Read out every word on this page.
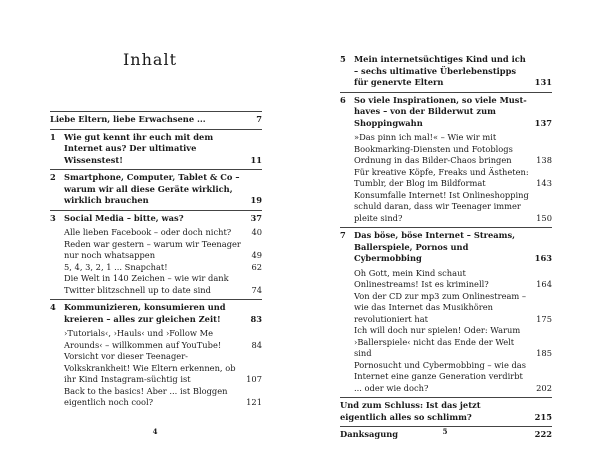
Inhalt
Liebe Eltern, liebe Erwachsene ...	7
1 Wie gut kennt ihr euch mit dem Internet aus? Der ultimative Wissenstest!	11
2 Smartphone, Computer, Tablet & Co – warum wir all diese Geräte wirklich, wirklich brauchen	19
3 Social Media – bitte, was?	37
Alle lieben Facebook – oder doch nicht?	40
Reden war gestern – warum wir Teenager nur noch whatsappen	49
5, 4, 3, 2, 1 ... Snapchat!	62
Die Welt in 140 Zeichen – wie wir dank Twitter blitzschnell up to date sind	74
4 Kommunizieren, konsumieren und kreieren – alles zur gleichen Zeit!	83
›Tutorials‹, ›Hauls‹ und ›Follow Me Arounds‹ – willkommen auf YouTube!	84
Vorsicht vor dieser Teenager-Volkskrankheit! Wie Eltern erkennen, ob ihr Kind Instagram-süchtig ist	107
Back to the basics! Aber ... ist Bloggen eigentlich noch cool?	121
4	5
5 Mein internetsüchtiges Kind und ich – sechs ultimative Überlebenstipps für genervte Eltern	131
6 So viele Inspirationen, so viele Must-haves – von der Bilderwut zum Shoppingwahn	137
»Das pinn ich mal!« – Wie wir mit Bookmarking-Diensten und Fotoblogs Ordnung in das Bilder-Chaos bringen	138
Für kreative Köpfe, Freaks und Ästheten: Tumblr, der Blog im Bildformat	143
Konsumfalle Internet! Ist Onlineshopping schuld daran, dass wir Teenager immer pleite sind?	150
7 Das böse, böse Internet – Streams, Ballerspiele, Pornos und Cybermobbing	163
Oh Gott, mein Kind schaut Onlinestreams! Ist es kriminell?	164
Von der CD zur mp3 zum Onlinestream – wie das Internet das Musikhören revolutioniert hat	175
Ich will doch nur spielen! Oder: Warum ›Ballerspiele‹ nicht das Ende der Welt sind	185
Pornosucht und Cybermobbing – wie das Internet eine ganze Generation verdirbt ... oder wie doch?	202
Und zum Schluss: Ist das jetzt eigentlich alles so schlimm?	215
Danksagung	222
